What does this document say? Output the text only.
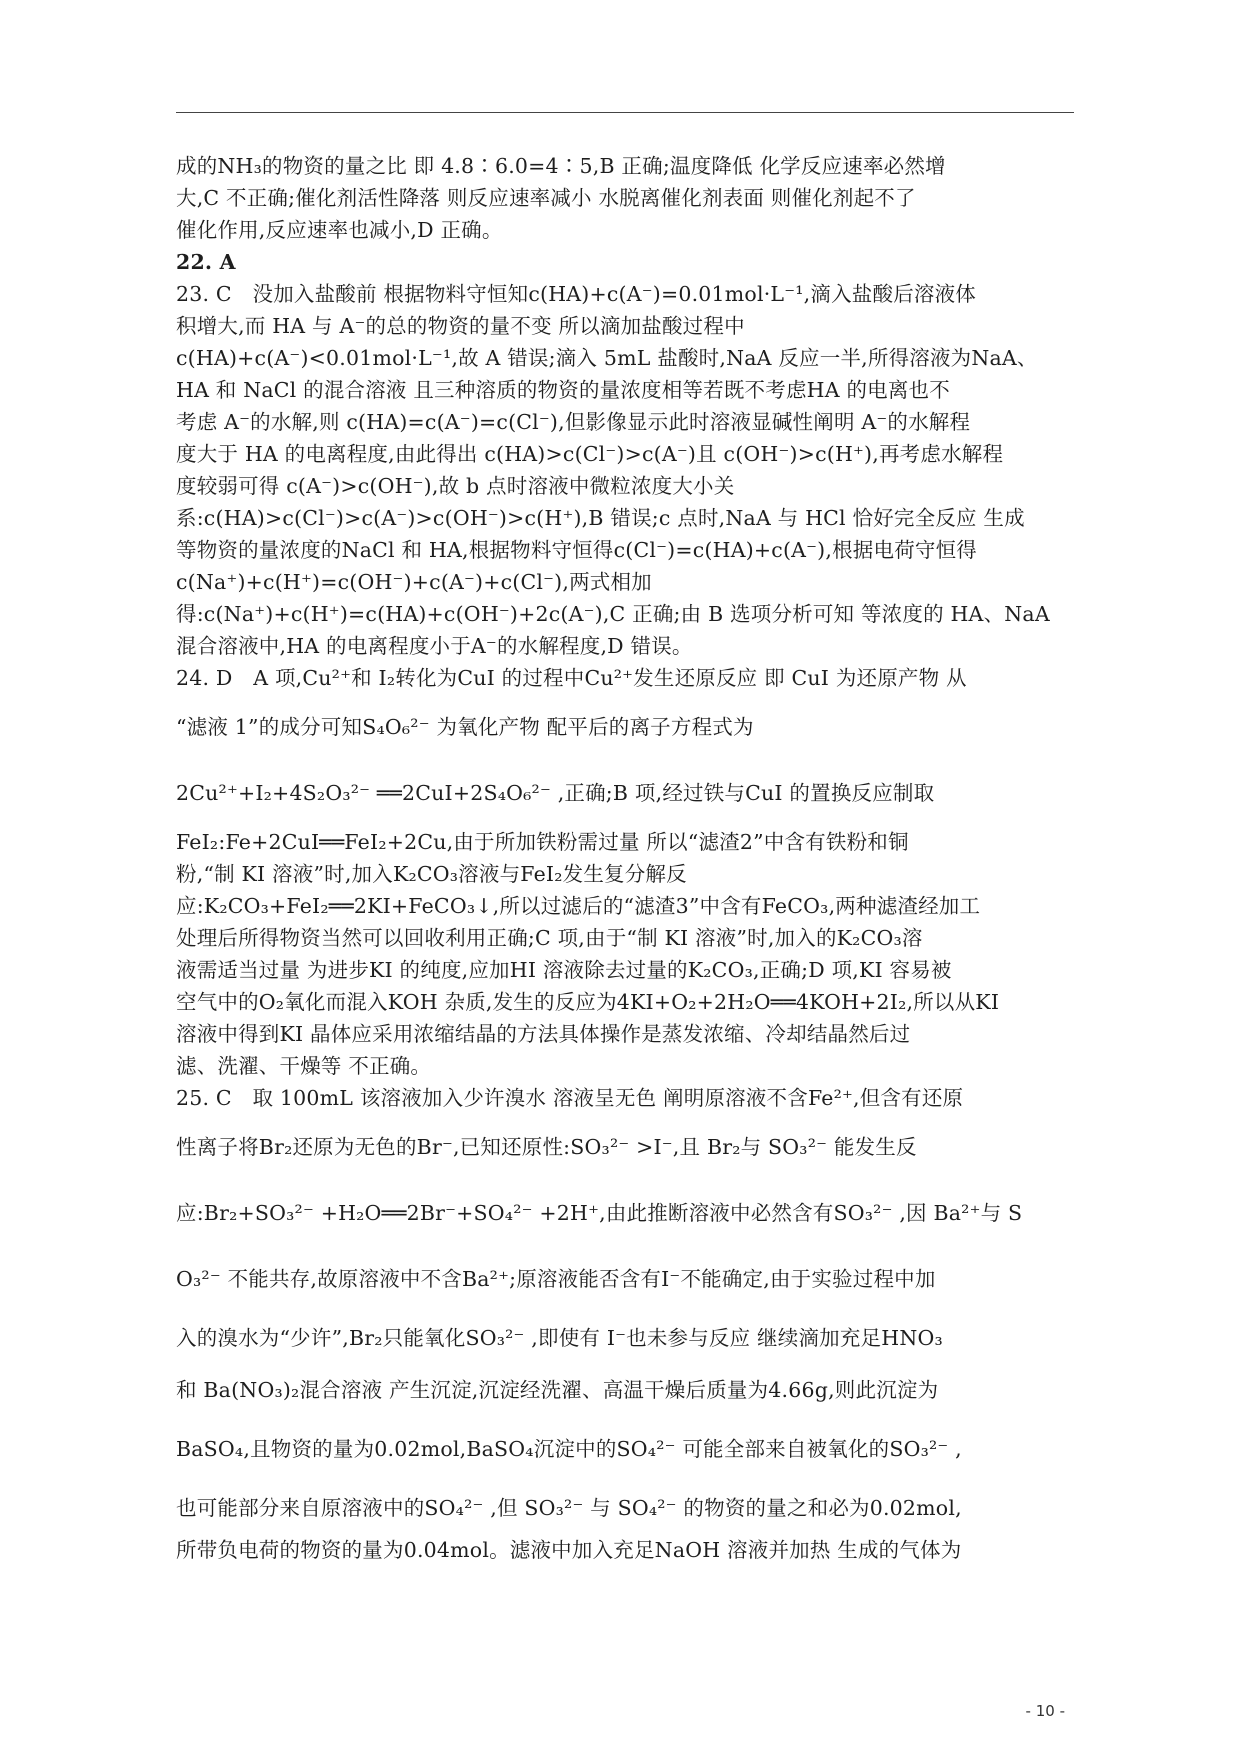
成的NH₃的物资的量之比 即 4.8∶6.0=4∶5,B 正确;温度降低 化学反应速率必然增

大,C 不正确;催化剂活性降落 则反应速率减小 水脱离催化剂表面 则催化剂起不了

催化作用,反应速率也减小,D 正确。

22. A

23. C　没加入盐酸前 根据物料守恒知c(HA)+c(A⁻)=0.01mol·L⁻¹,滴入盐酸后溶液体

积增大,而 HA 与 A⁻的总的物资的量不变 所以滴加盐酸过程中

c(HA)+c(A⁻)<0.01mol·L⁻¹,故 A 错误;滴入 5mL 盐酸时,NaA 反应一半,所得溶液为NaA、

HA 和 NaCl 的混合溶液 且三种溶质的物资的量浓度相等若既不考虑HA 的电离也不

考虑 A⁻的水解,则 c(HA)=c(A⁻)=c(Cl⁻),但影像显示此时溶液显碱性阐明 A⁻的水解程

度大于 HA 的电离程度,由此得出 c(HA)>c(Cl⁻)>c(A⁻)且 c(OH⁻)>c(H⁺),再考虑水解程

度较弱可得 c(A⁻)>c(OH⁻),故 b 点时溶液中微粒浓度大小关

系:c(HA)>c(Cl⁻)>c(A⁻)>c(OH⁻)>c(H⁺),B 错误;c 点时,NaA 与 HCl 恰好完全反应 生成

等物资的量浓度的NaCl 和 HA,根据物料守恒得c(Cl⁻)=c(HA)+c(A⁻),根据电荷守恒得

c(Na⁺)+c(H⁺)=c(OH⁻)+c(A⁻)+c(Cl⁻),两式相加

得:c(Na⁺)+c(H⁺)=c(HA)+c(OH⁻)+2c(A⁻),C 正确;由 B 选项分析可知 等浓度的 HA、NaA

混合溶液中,HA 的电离程度小于A⁻的水解程度,D 错误。

24. D　A 项,Cu²⁺和 I₂转化为CuI 的过程中Cu²⁺发生还原反应 即 CuI 为还原产物 从

“滤液 1”的成分可知S₄O₆²⁻ 为氧化产物 配平后的离子方程式为

2Cu²⁺+I₂+4S₂O₃²⁻ ══2CuI+2S₄O₆²⁻ ,正确;B 项,经过铁与CuI 的置换反应制取

FeI₂:Fe+2CuI══FeI₂+2Cu,由于所加铁粉需过量 所以“滤渣2”中含有铁粉和铜

粉,“制 KI 溶液”时,加入K₂CO₃溶液与FeI₂发生复分解反

应:K₂CO₃+FeI₂══2KI+FeCO₃↓,所以过滤后的“滤渣3”中含有FeCO₃,两种滤渣经加工

处理后所得物资当然可以回收利用正确;C 项,由于“制 KI 溶液”时,加入的K₂CO₃溶

液需适当过量 为进步KI 的纯度,应加HI 溶液除去过量的K₂CO₃,正确;D 项,KI 容易被

空气中的O₂氧化而混入KOH 杂质,发生的反应为4KI+O₂+2H₂O══4KOH+2I₂,所以从KI

溶液中得到KI 晶体应采用浓缩结晶的方法具体操作是蒸发浓缩、冷却结晶然后过

滤、洗濯、干燥等 不正确。

25. C　取 100mL 该溶液加入少许溴水 溶液呈无色 阐明原溶液不含Fe²⁺,但含有还原

性离子将Br₂还原为无色的Br⁻,已知还原性:SO₃²⁻ >I⁻,且 Br₂与 SO₃²⁻ 能发生反

应:Br₂+SO₃²⁻ +H₂O══2Br⁻+SO₄²⁻ +2H⁺,由此推断溶液中必然含有SO₃²⁻ ,因 Ba²⁺与 S

O₃²⁻ 不能共存,故原溶液中不含Ba²⁺;原溶液能否含有I⁻不能确定,由于实验过程中加

入的溴水为“少许”,Br₂只能氧化SO₃²⁻ ,即使有 I⁻也未参与反应 继续滴加充足HNO₃

和 Ba(NO₃)₂混合溶液 产生沉淀,沉淀经洗濯、高温干燥后质量为4.66g,则此沉淀为

BaSO₄,且物资的量为0.02mol,BaSO₄沉淀中的SO₄²⁻ 可能全部来自被氧化的SO₃²⁻ ,

也可能部分来自原溶液中的SO₄²⁻ ,但 SO₃²⁻ 与 SO₄²⁻ 的物资的量之和必为0.02mol,

所带负电荷的物资的量为0.04mol。滤液中加入充足NaOH 溶液并加热 生成的气体为

- 10 -
